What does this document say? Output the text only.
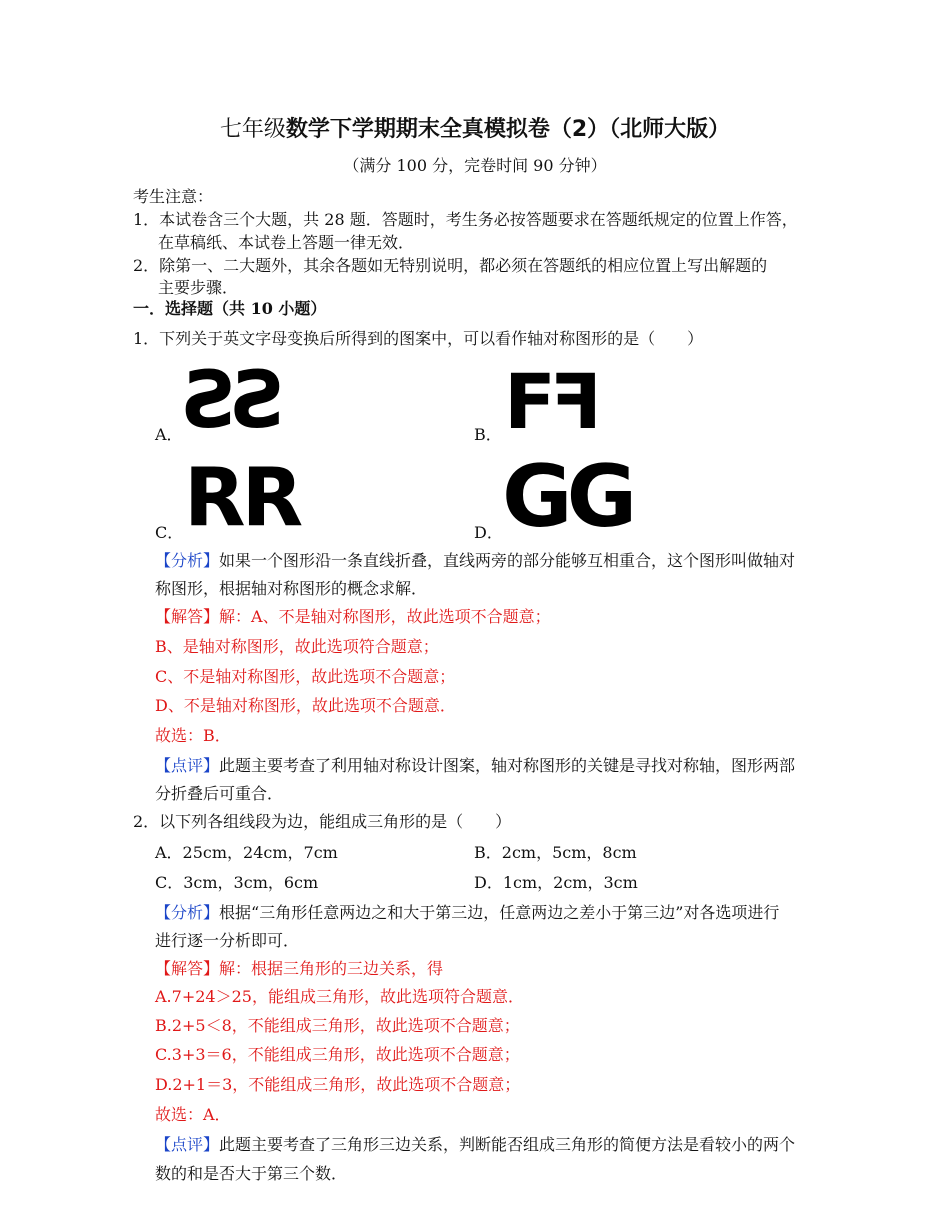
七年级数学下学期期末全真模拟卷（2）（北师大版）
（满分 100 分，完卷时间 90 分钟）
考生注意：
1．本试卷含三个大题，共 28 题．答题时，考生务必按答题要求在答题纸规定的位置上作答，
在草稿纸、本试卷上答题一律无效．
2．除第一、二大题外，其余各题如无特别说明，都必须在答题纸的相应位置上写出解题的
主要步骤．
一．选择题（共 10 小题）
1．下列关于英文字母变换后所得到的图案中，可以看作轴对称图形的是（　　）
A． SS	B． FF
C． RR	D． GG
【分析】如果一个图形沿一条直线折叠，直线两旁的部分能够互相重合，这个图形叫做轴对
称图形，根据轴对称图形的概念求解．
【解答】解：A、不是轴对称图形，故此选项不合题意；
B、是轴对称图形，故此选项符合题意；
C、不是轴对称图形，故此选项不合题意；
D、不是轴对称图形，故此选项不合题意．
故选：B．
【点评】此题主要考查了利用轴对称设计图案，轴对称图形的关键是寻找对称轴，图形两部
分折叠后可重合．
2．以下列各组线段为边，能组成三角形的是（　　）
A．25cm，24cm，7cm	B．2cm，5cm，8cm
C．3cm，3cm，6cm	D．1cm，2cm，3cm
【分析】根据“三角形任意两边之和大于第三边，任意两边之差小于第三边”对各选项进行
进行逐一分析即可．
【解答】解：根据三角形的三边关系，得
A.7+24＞25，能组成三角形，故此选项符合题意．
B.2+5＜8，不能组成三角形，故此选项不合题意；
C.3+3＝6，不能组成三角形，故此选项不合题意；
D.2+1＝3，不能组成三角形，故此选项不合题意；
故选：A．
【点评】此题主要考查了三角形三边关系，判断能否组成三角形的简便方法是看较小的两个
数的和是否大于第三个数．
